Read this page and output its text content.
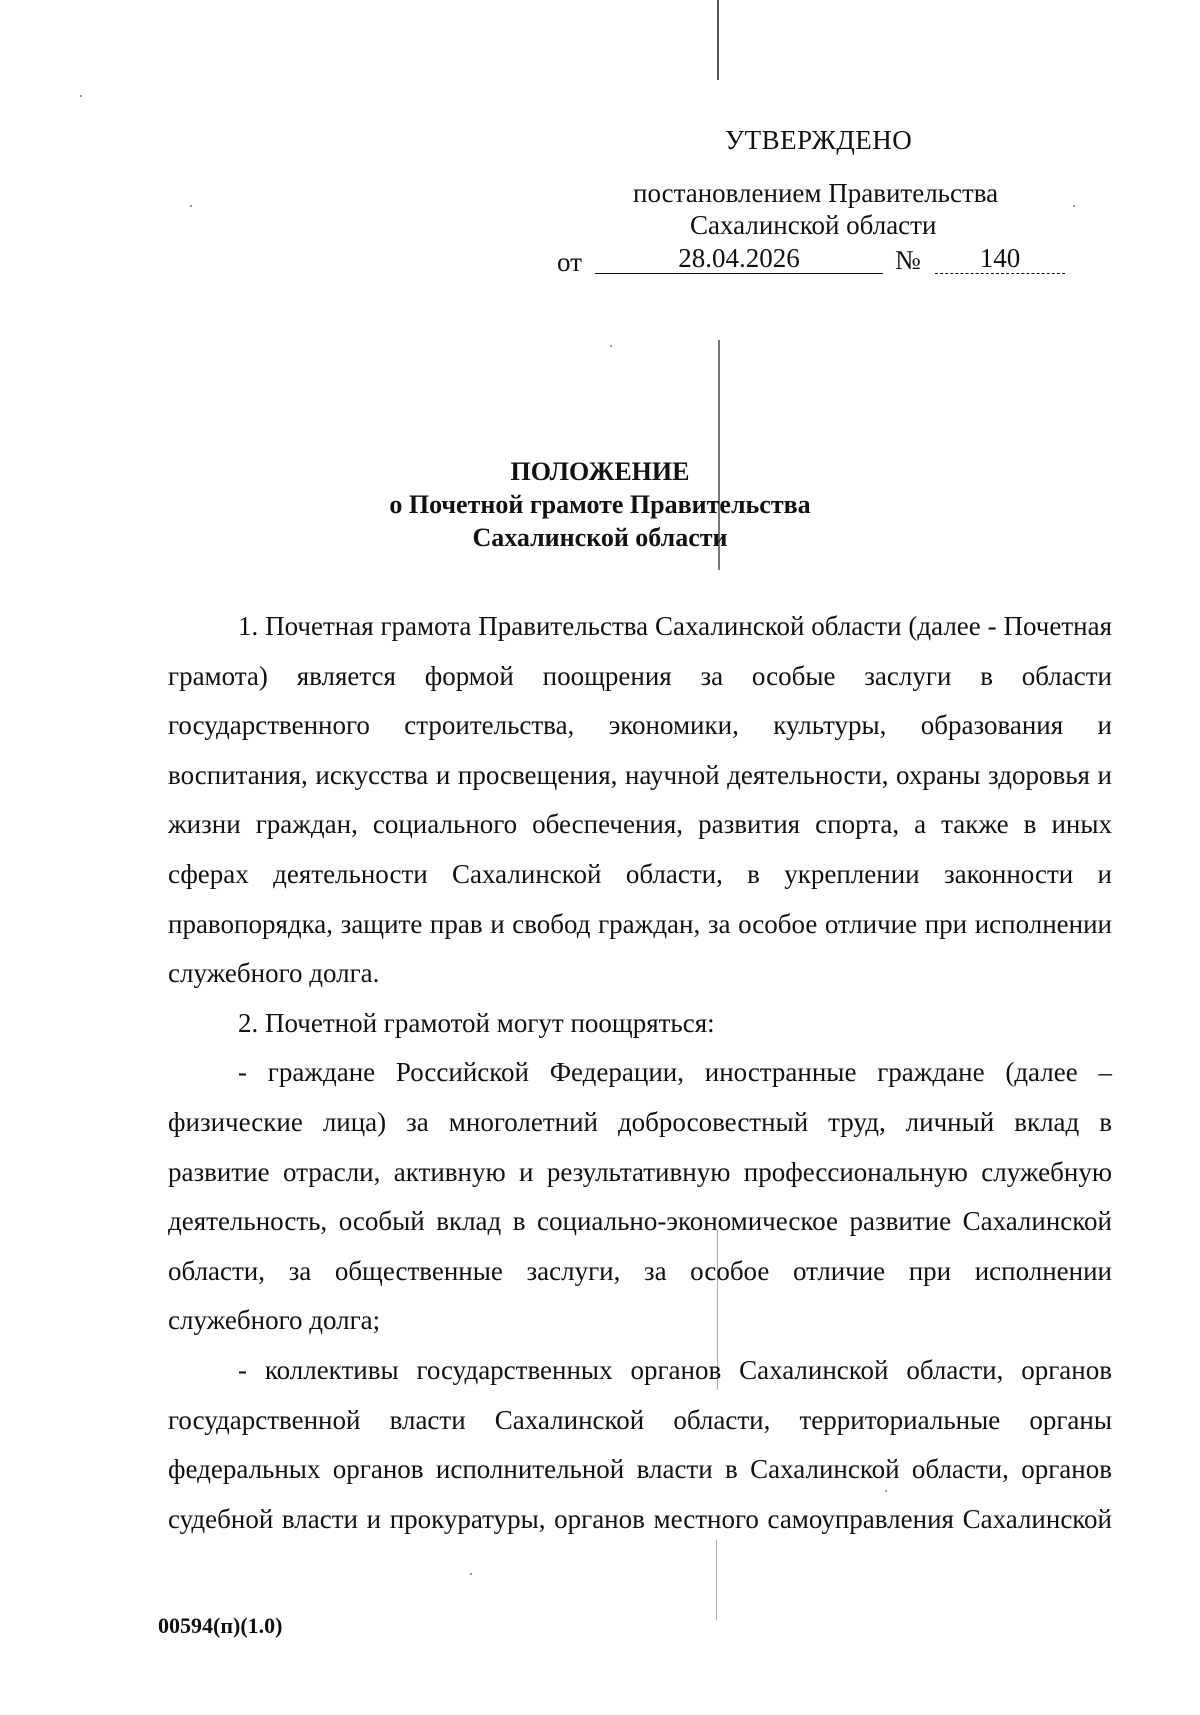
УТВЕРЖДЕНО
постановлением Правительства
Сахалинской области
от	28.04.2026	№	140
ПОЛОЖЕНИЕ
о Почетной грамоте Правительства
Сахалинской области

1. Почетная грамота Правительства Сахалинской области (далее - Почетная грамота) является формой поощрения за особые заслуги в области государственного строительства, экономики, культуры, образования и воспитания, искусства и просвещения, научной деятельности, охраны здоровья и жизни граждан, социального обеспечения, развития спорта, а также в иных сферах деятельности Сахалинской области, в укреплении законности и правопорядка, защите прав и свобод граждан, за особое отличие при исполнении служебного долга.

2. Почетной грамотой могут поощряться:

- граждане Российской Федерации, иностранные граждане (далее – физические лица) за многолетний добросовестный труд, личный вклад в развитие отрасли, активную и результативную профессиональную служебную деятельность, особый вклад в социально-экономическое развитие Сахалинской области, за общественные заслуги, за особое отличие при исполнении служебного долга;

- коллективы государственных органов Сахалинской области, органов государственной власти Сахалинской области, территориальные органы федеральных органов исполнительной власти в Сахалинской области, органов судебной власти и прокуратуры, органов местного самоуправления Сахалинской

00594(п)(1.0)
